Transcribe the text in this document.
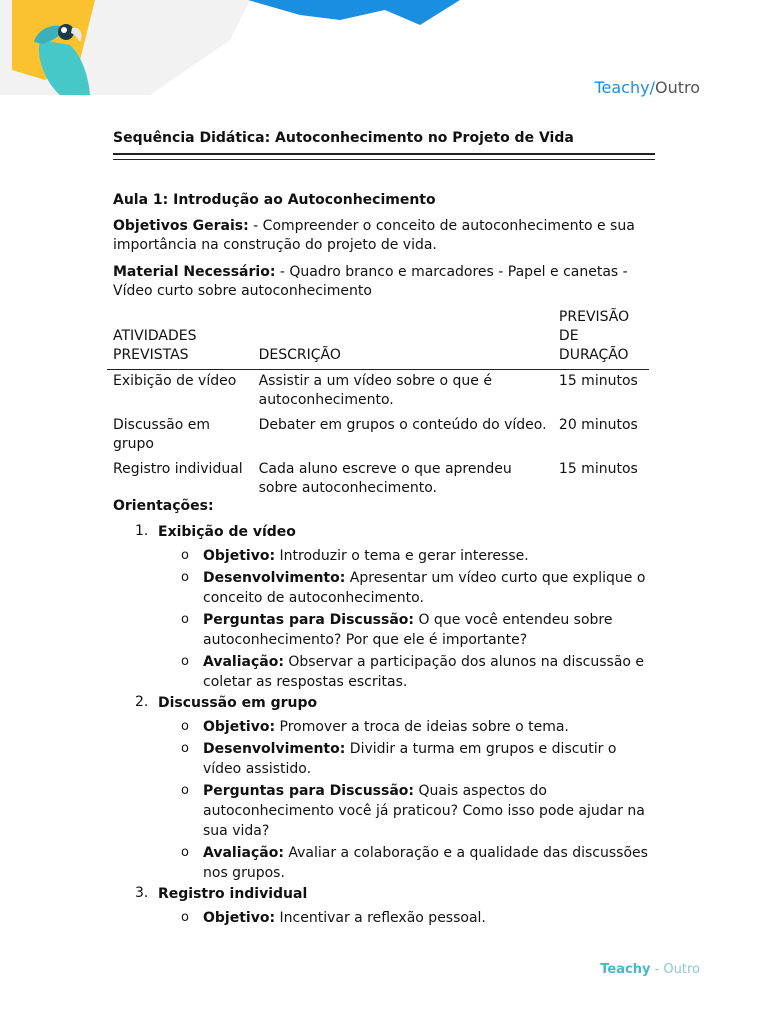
Teachy/Outro
Sequência Didática: Autoconhecimento no Projeto de Vida
Aula 1: Introdução ao Autoconhecimento
Objetivos Gerais: - Compreender o conceito de autoconhecimento e sua importância na construção do projeto de vida.
Material Necessário: - Quadro branco e marcadores - Papel e canetas - Vídeo curto sobre autoconhecimento
ATIVIDADES PREVISTAS	DESCRIÇÃO	PREVISÃO DE DURAÇÃO
Exibição de vídeo	Assistir a um vídeo sobre o que é autoconhecimento.	15 minutos
Discussão em grupo	Debater em grupos o conteúdo do vídeo.	20 minutos
Registro individual	Cada aluno escreve o que aprendeu sobre autoconhecimento.	15 minutos
Orientações:
1. Exibição de vídeo
o Objetivo: Introduzir o tema e gerar interesse.
o Desenvolvimento: Apresentar um vídeo curto que explique o conceito de autoconhecimento.
o Perguntas para Discussão: O que você entendeu sobre autoconhecimento? Por que ele é importante?
o Avaliação: Observar a participação dos alunos na discussão e coletar as respostas escritas.
2. Discussão em grupo
o Objetivo: Promover a troca de ideias sobre o tema.
o Desenvolvimento: Dividir a turma em grupos e discutir o vídeo assistido.
o Perguntas para Discussão: Quais aspectos do autoconhecimento você já praticou? Como isso pode ajudar na sua vida?
o Avaliação: Avaliar a colaboração e a qualidade das discussões nos grupos.
3. Registro individual
o Objetivo: Incentivar a reflexão pessoal.
Teachy - Outro
